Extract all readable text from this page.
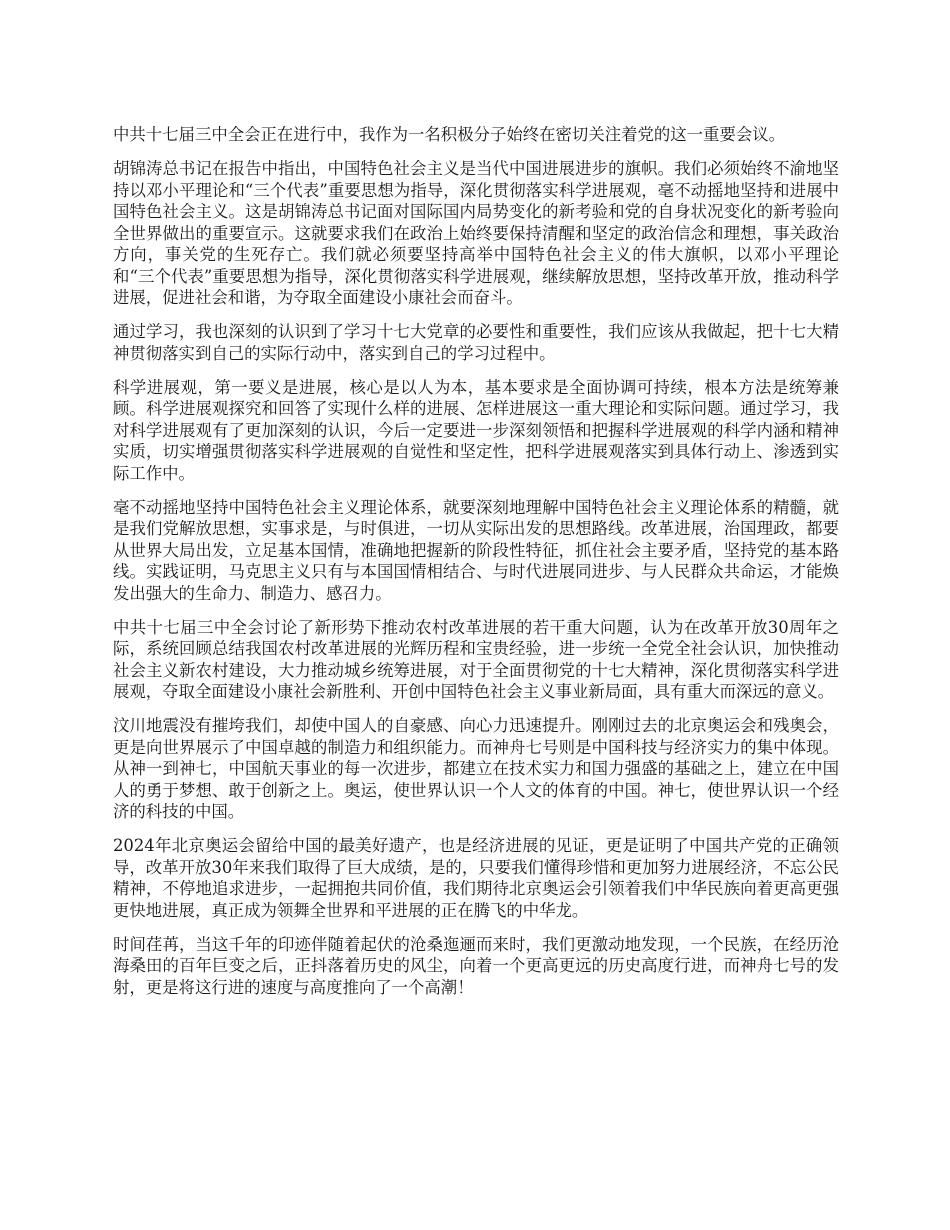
中共十七届三中全会正在进行中，我作为一名积极分子始终在密切关注着党的这一重要会议。

胡锦涛总书记在报告中指出，中国特色社会主义是当代中国进展进步的旗帜。我们必须始终不渝地坚持以邓小平理论和“三个代表”重要思想为指导，深化贯彻落实科学进展观，毫不动摇地坚持和进展中国特色社会主义。这是胡锦涛总书记面对国际国内局势变化的新考验和党的自身状况变化的新考验向全世界做出的重要宣示。这就要求我们在政治上始终要保持清醒和坚定的政治信念和理想，事关政治方向，事关党的生死存亡。我们就必须要坚持高举中国特色社会主义的伟大旗帜，以邓小平理论和“三个代表”重要思想为指导，深化贯彻落实科学进展观，继续解放思想，坚持改革开放，推动科学进展，促进社会和谐，为夺取全面建设小康社会而奋斗。

通过学习，我也深刻的认识到了学习十七大党章的必要性和重要性，我们应该从我做起，把十七大精神贯彻落实到自己的实际行动中，落实到自己的学习过程中。

科学进展观，第一要义是进展，核心是以人为本，基本要求是全面协调可持续，根本方法是统筹兼顾。科学进展观探究和回答了实现什么样的进展、怎样进展这一重大理论和实际问题。通过学习，我对科学进展观有了更加深刻的认识，今后一定要进一步深刻领悟和把握科学进展观的科学内涵和精神实质，切实增强贯彻落实科学进展观的自觉性和坚定性，把科学进展观落实到具体行动上、渗透到实际工作中。

毫不动摇地坚持中国特色社会主义理论体系，就要深刻地理解中国特色社会主义理论体系的精髓，就是我们党解放思想，实事求是，与时俱进，一切从实际出发的思想路线。改革进展，治国理政，都要从世界大局出发，立足基本国情，准确地把握新的阶段性特征，抓住社会主要矛盾，坚持党的基本路线。实践证明，马克思主义只有与本国国情相结合、与时代进展同进步、与人民群众共命运，才能焕发出强大的生命力、制造力、感召力。

中共十七届三中全会讨论了新形势下推动农村改革进展的若干重大问题，认为在改革开放30周年之际，系统回顾总结我国农村改革进展的光辉历程和宝贵经验，进一步统一全党全社会认识，加快推动社会主义新农村建设，大力推动城乡统筹进展，对于全面贯彻党的十七大精神，深化贯彻落实科学进展观，夺取全面建设小康社会新胜利、开创中国特色社会主义事业新局面，具有重大而深远的意义。

汶川地震没有摧垮我们，却使中国人的自豪感、向心力迅速提升。刚刚过去的北京奥运会和残奥会，更是向世界展示了中国卓越的制造力和组织能力。而神舟七号则是中国科技与经济实力的集中体现。从神一到神七，中国航天事业的每一次进步，都建立在技术实力和国力强盛的基础之上，建立在中国人的勇于梦想、敢于创新之上。奥运，使世界认识一个人文的体育的中国。神七，使世界认识一个经济的科技的中国。

2024年北京奥运会留给中国的最美好遗产，也是经济进展的见证，更是证明了中国共产党的正确领导，改革开放30年来我们取得了巨大成绩，是的，只要我们懂得珍惜和更加努力进展经济，不忘公民精神，不停地追求进步，一起拥抱共同价值，我们期待北京奥运会引领着我们中华民族向着更高更强更快地进展，真正成为领舞全世界和平进展的正在腾飞的中华龙。

时间荏苒，当这千年的印迹伴随着起伏的沧桑迤逦而来时，我们更激动地发现，一个民族，在经历沧海桑田的百年巨变之后，正抖落着历史的风尘，向着一个更高更远的历史高度行进，而神舟七号的发射，更是将这行进的速度与高度推向了一个高潮！
